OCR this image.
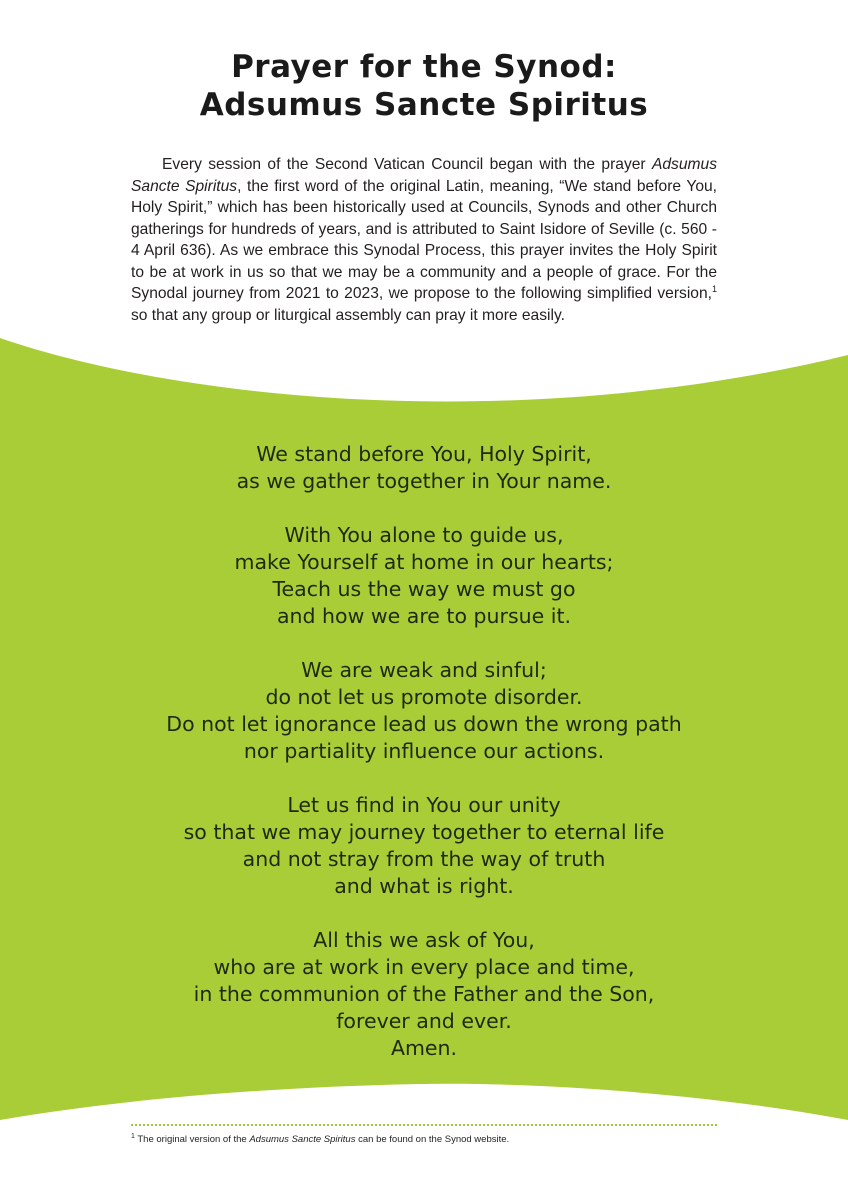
Prayer for the Synod:
Adsumus Sancte Spiritus

Every session of the Second Vatican Council began with the prayer Adsumus Sancte Spiritus, the first word of the original Latin, meaning, “We stand before You, Holy Spirit,” which has been historically used at Councils, Synods and other Church gatherings for hundreds of years, and is attributed to Saint Isidore of Seville (c. 560 - 4 April 636). As we embrace this Synodal Process, this prayer invites the Holy Spirit to be at work in us so that we may be a community and a people of grace. For the Synodal journey from 2021 to 2023, we propose to the following simplified version,$^1$ so that any group or liturgical assembly can pray it more easily.

We stand before You, Holy Spirit,
as we gather together in Your name.
With You alone to guide us,
make Yourself at home in our hearts;
Teach us the way we must go
and how we are to pursue it.
We are weak and sinful;
do not let us promote disorder.
Do not let ignorance lead us down the wrong path
nor partiality influence our actions.
Let us find in You our unity
so that we may journey together to eternal life
and not stray from the way of truth
and what is right.
All this we ask of You,
who are at work in every place and time,
in the communion of the Father and the Son,
forever and ever.
Amen.
$^1$ The original version of the Adsumus Sancte Spiritus can be found on the Synod website.
